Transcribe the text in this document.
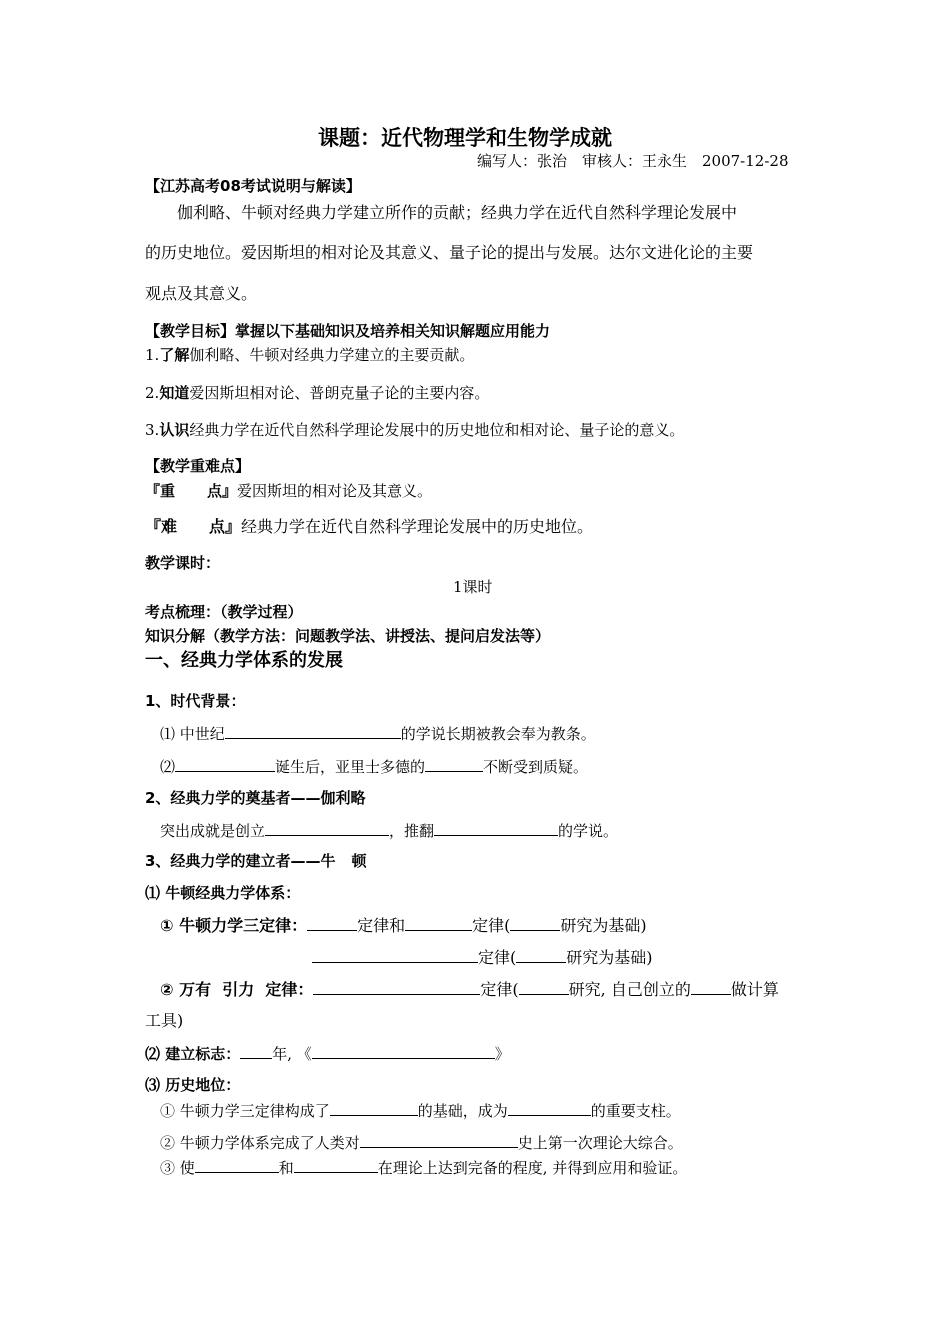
课题：近代物理学和生物学成就
编写人：张治　审核人：王永生　2007-12-28
【江苏高考08考试说明与解读】
伽利略、牛顿对经典力学建立所作的贡献；经典力学在近代自然科学理论发展中
的历史地位。爱因斯坦的相对论及其意义、量子论的提出与发展。达尔文进化论的主要
观点及其意义。
【教学目标】掌握以下基础知识及培养相关知识解题应用能力
1.了解伽利略、牛顿对经典力学建立的主要贡献。
2.知道爱因斯坦相对论、普朗克量子论的主要内容。
3.认识经典力学在近代自然科学理论发展中的历史地位和相对论、量子论的意义。
【教学重难点】
『重 点』爱因斯坦的相对论及其意义。
『难 点』经典力学在近代自然科学理论发展中的历史地位。
教学课时：
1课时
考点梳理：（教学过程）
知识分解（教学方法：问题教学法、讲授法、提问启发法等）
一、经典力学体系的发展
1、时代背景：
⑴ 中世纪	的学说长期被教会奉为教条。
⑵	诞生后，亚里士多德的	不断受到质疑。
2、经典力学的奠基者——伽利略
突出成就是创立	，推翻	的学说。
3、经典力学的建立者——牛 顿
⑴ 牛顿经典力学体系：
① 牛顿力学三定律：	定律和	定律(	研究为基础)
定律(	研究为基础)
② 万有  引力  定律：	定律(	研究, 自己创立的	做计算
工具)
⑵ 建立标志： 年, 《	》
⑶ 历史地位：
① 牛顿力学三定律构成了	的基础，成为	的重要支柱。
② 牛顿力学体系完成了人类对	史上第一次理论大综合。
③ 使	和	在理论上达到完备的程度, 并得到应用和验证。
